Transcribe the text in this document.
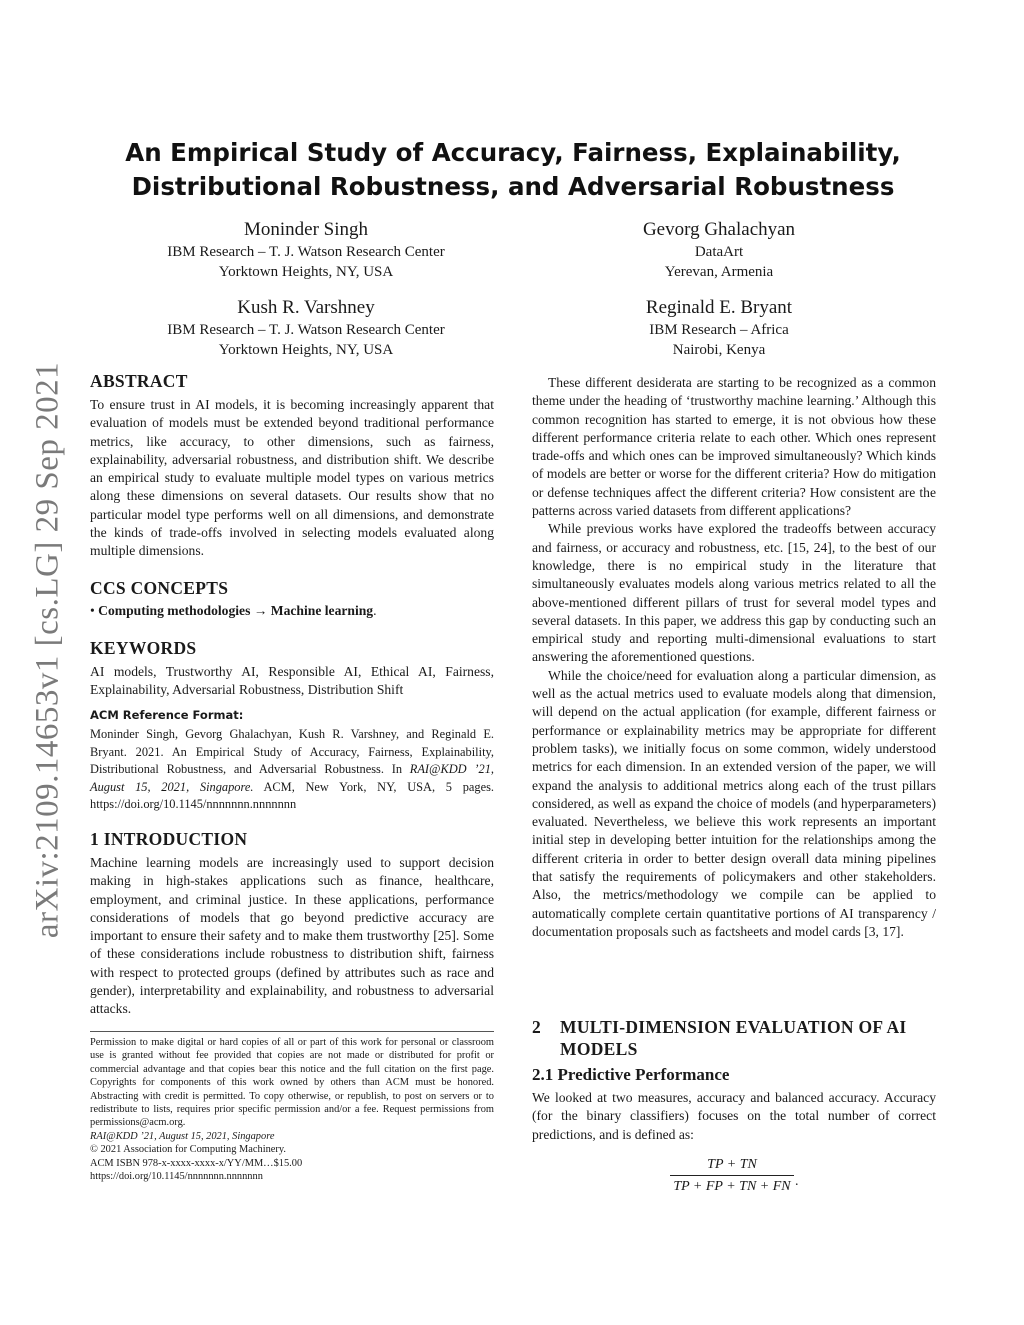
arXiv:2109.14653v1 [cs.LG] 29 Sep 2021
An Empirical Study of Accuracy, Fairness, Explainability,
Distributional Robustness, and Adversarial Robustness
Moninder Singh
IBM Research – T. J. Watson Research Center
Yorktown Heights, NY, USA
Gevorg Ghalachyan
DataArt
Yerevan, Armenia
Kush R. Varshney
IBM Research – T. J. Watson Research Center
Yorktown Heights, NY, USA
Reginald E. Bryant
IBM Research – Africa
Nairobi, Kenya
ABSTRACT
To ensure trust in AI models, it is becoming increasingly apparent that evaluation of models must be extended beyond traditional performance metrics, like accuracy, to other dimensions, such as fairness, explainability, adversarial robustness, and distribution shift. We describe an empirical study to evaluate multiple model types on various metrics along these dimensions on several datasets. Our results show that no particular model type performs well on all dimensions, and demonstrate the kinds of trade-offs involved in selecting models evaluated along multiple dimensions.
CCS CONCEPTS
• Computing methodologies → Machine learning.
KEYWORDS
AI models, Trustworthy AI, Responsible AI, Ethical AI, Fairness, Explainability, Adversarial Robustness, Distribution Shift
ACM Reference Format:
Moninder Singh, Gevorg Ghalachyan, Kush R. Varshney, and Reginald E. Bryant. 2021. An Empirical Study of Accuracy, Fairness, Explainability, Distributional Robustness, and Adversarial Robustness. In RAI@KDD ’21, August 15, 2021, Singapore. ACM, New York, NY, USA, 5 pages. https://doi.org/10.1145/nnnnnnn.nnnnnnn
1 INTRODUCTION
Machine learning models are increasingly used to support decision making in high-stakes applications such as finance, healthcare, employment, and criminal justice. In these applications, performance considerations of models that go beyond predictive accuracy are important to ensure their safety and to make them trustworthy [25]. Some of these considerations include robustness to distribution shift, fairness with respect to protected groups (defined by attributes such as race and gender), interpretability and explainability, and robustness to adversarial attacks.
Permission to make digital or hard copies of all or part of this work for personal or classroom use is granted without fee provided that copies are not made or distributed for profit or commercial advantage and that copies bear this notice and the full citation on the first page. Copyrights for components of this work owned by others than ACM must be honored. Abstracting with credit is permitted. To copy otherwise, or republish, to post on servers or to redistribute to lists, requires prior specific permission and/or a fee. Request permissions from permissions@acm.org.
RAI@KDD ’21, August 15, 2021, Singapore
© 2021 Association for Computing Machinery.
ACM ISBN 978-x-xxxx-xxxx-x/YY/MM…$15.00
https://doi.org/10.1145/nnnnnnn.nnnnnnn

These different desiderata are starting to be recognized as a common theme under the heading of ‘trustworthy machine learning.’ Although this common recognition has started to emerge, it is not obvious how these different performance criteria relate to each other. Which ones represent trade-offs and which ones can be improved simultaneously? Which kinds of models are better or worse for the different criteria? How do mitigation or defense techniques affect the different criteria? How consistent are the patterns across varied datasets from different applications?

While previous works have explored the tradeoffs between accuracy and fairness, or accuracy and robustness, etc. [15, 24], to the best of our knowledge, there is no empirical study in the literature that simultaneously evaluates models along various metrics related to all the above-mentioned different pillars of trust for several model types and several datasets. In this paper, we address this gap by conducting such an empirical study and reporting multi-dimensional evaluations to start answering the aforementioned questions.

While the choice/need for evaluation along a particular dimension, as well as the actual metrics used to evaluate models along that dimension, will depend on the actual application (for example, different fairness or performance or explainability metrics may be appropriate for different problem tasks), we initially focus on some common, widely understood metrics for each dimension. In an extended version of the paper, we will expand the analysis to additional metrics along each of the trust pillars considered, as well as expand the choice of models (and hyperparameters) evaluated. Nevertheless, we believe this work represents an important initial step in developing better intuition for the relationships among the different criteria in order to better design overall data mining pipelines that satisfy the requirements of policymakers and other stakeholders. Also, the metrics/methodology we compile can be applied to automatically complete certain quantitative portions of AI transparency / documentation proposals such as factsheets and model cards [3, 17].

2 MULTI-DIMENSION EVALUATION OF AI
MODELS
2.1 Predictive Performance
We looked at two measures, accuracy and balanced accuracy. Accuracy (for the binary classifiers) focuses on the total number of correct predictions, and is defined as:
TP + TN
TP + FP + TN + FN .
